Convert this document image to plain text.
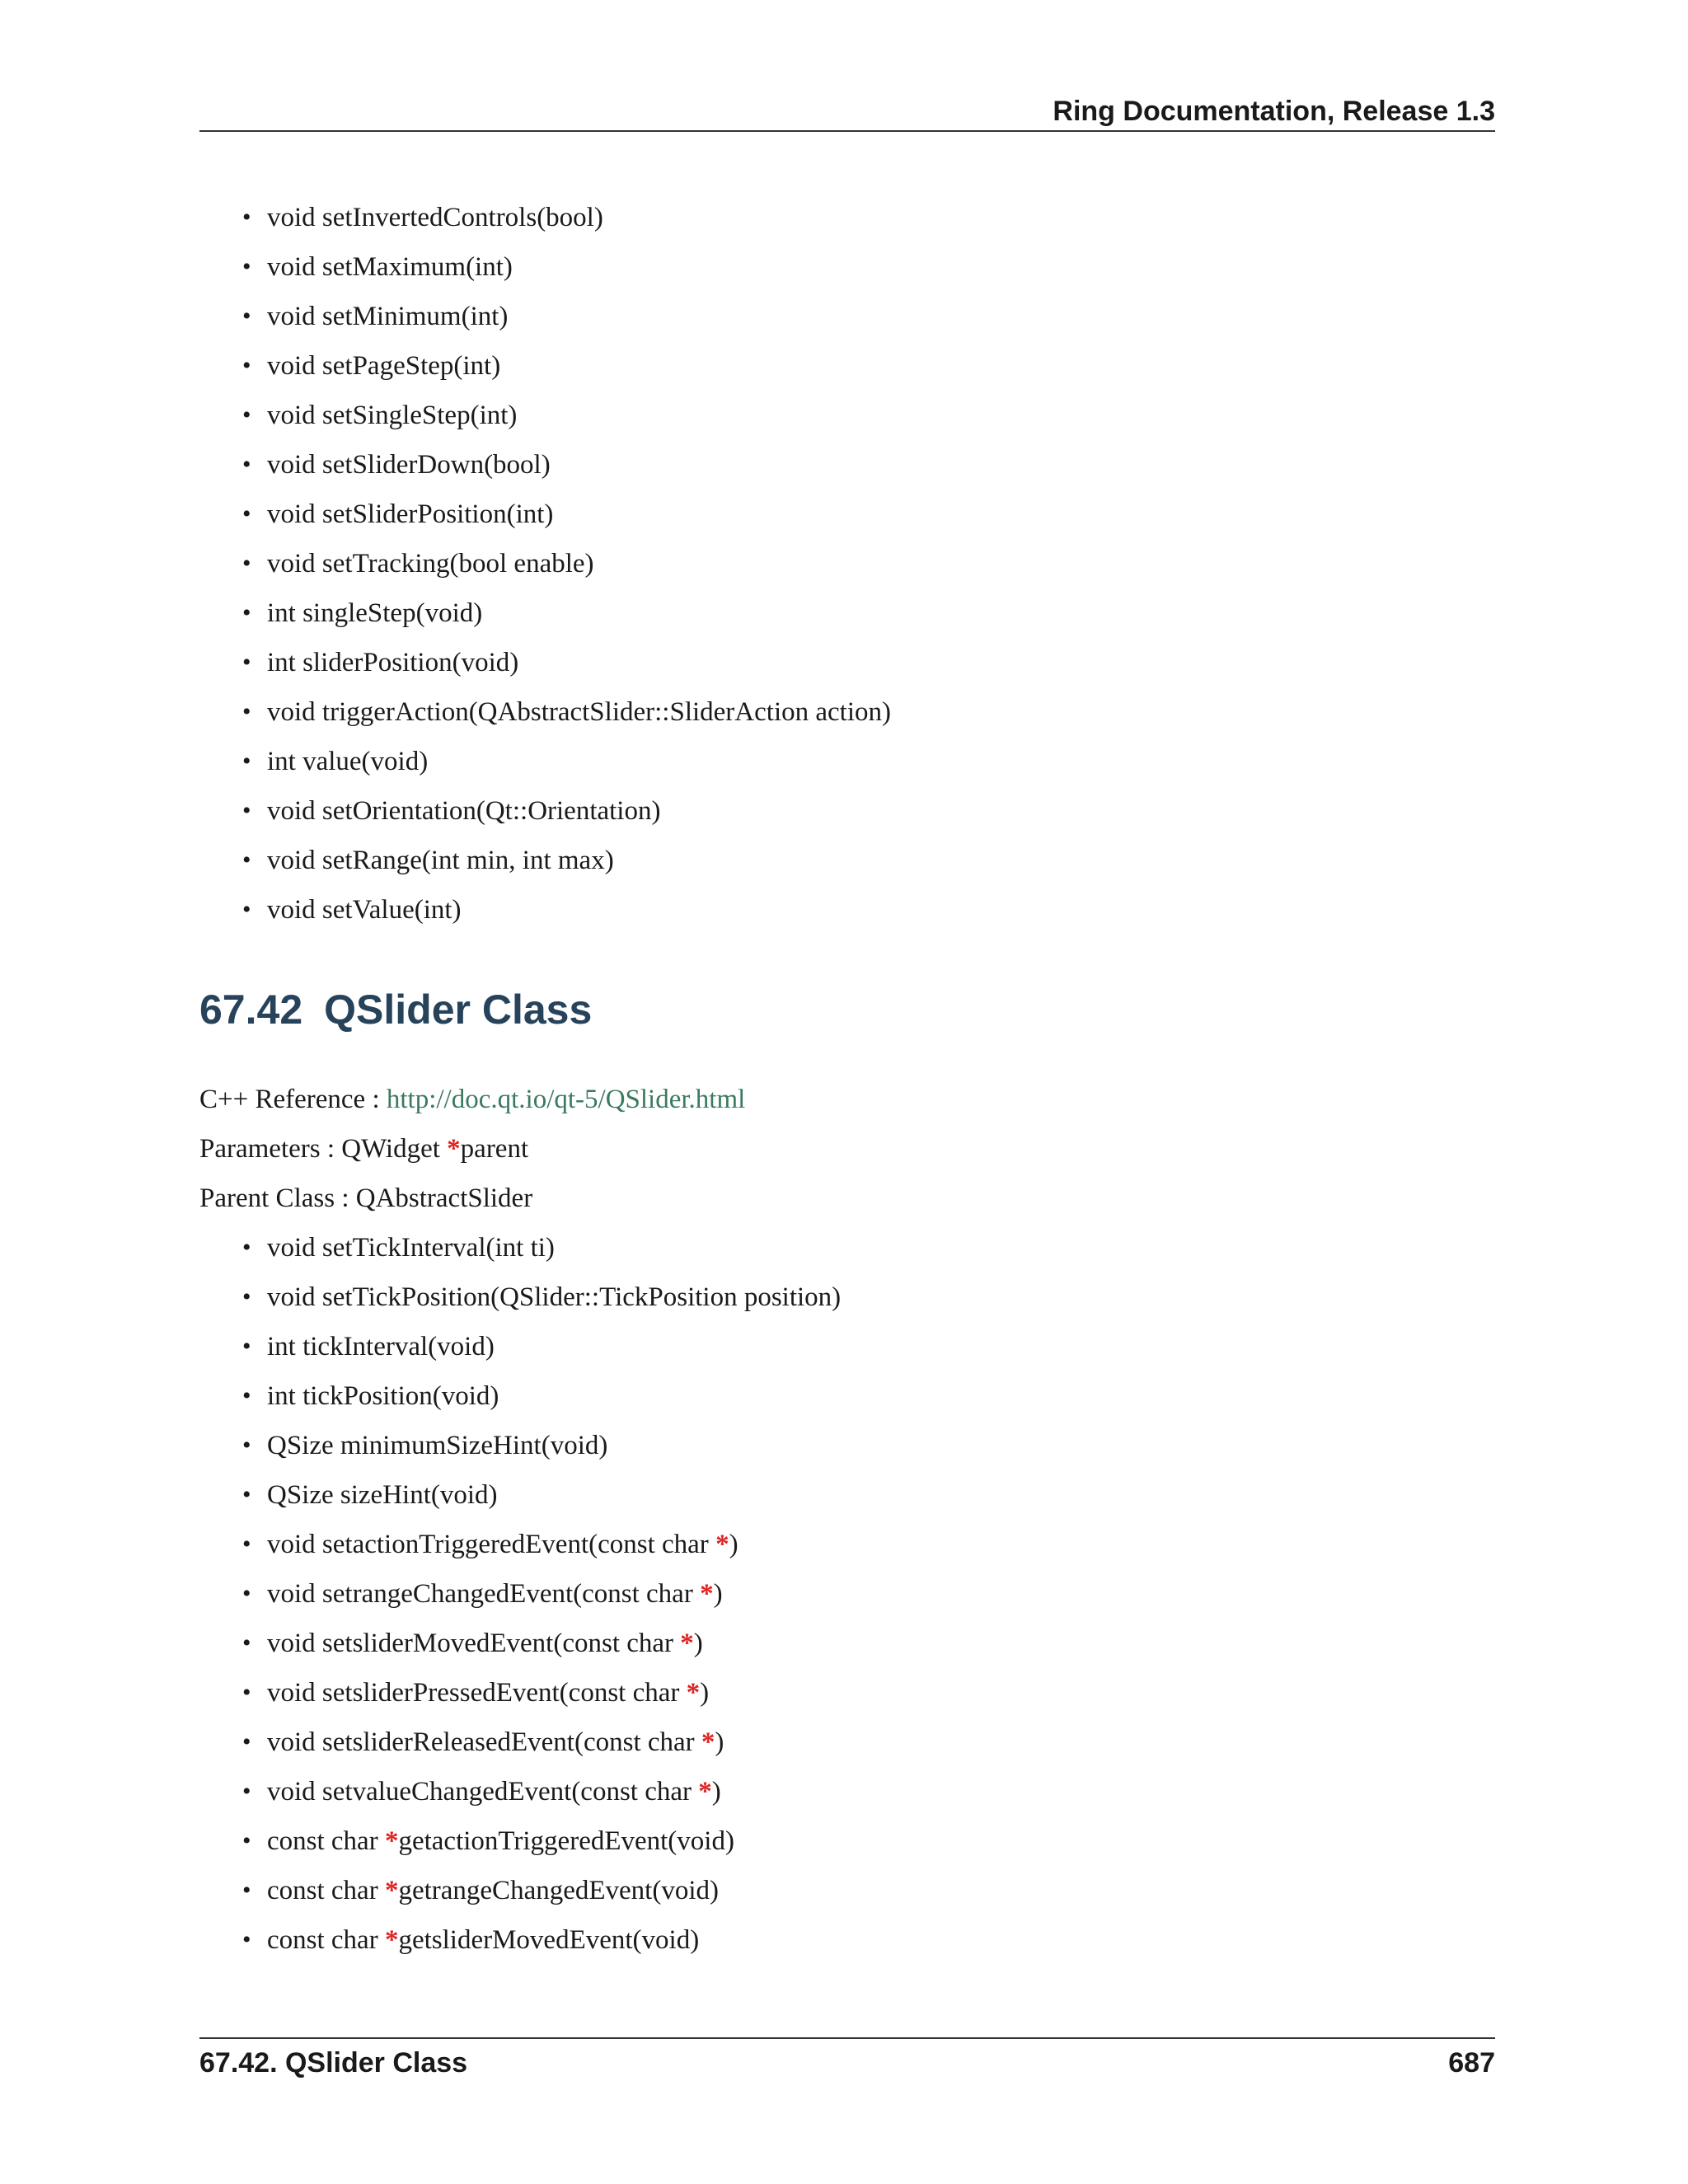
Ring Documentation, Release 1.3
• void setInvertedControls(bool)
• void setMaximum(int)
• void setMinimum(int)
• void setPageStep(int)
• void setSingleStep(int)
• void setSliderDown(bool)
• void setSliderPosition(int)
• void setTracking(bool enable)
• int singleStep(void)
• int sliderPosition(void)
• void triggerAction(QAbstractSlider::SliderAction action)
• int value(void)
• void setOrientation(Qt::Orientation)
• void setRange(int min, int max)
• void setValue(int)
67.42 QSlider Class
C++ Reference : http://doc.qt.io/qt-5/QSlider.html
Parameters : QWidget *parent
Parent Class : QAbstractSlider
• void setTickInterval(int ti)
• void setTickPosition(QSlider::TickPosition position)
• int tickInterval(void)
• int tickPosition(void)
• QSize minimumSizeHint(void)
• QSize sizeHint(void)
• void setactionTriggeredEvent(const char *)
• void setrangeChangedEvent(const char *)
• void setsliderMovedEvent(const char *)
• void setsliderPressedEvent(const char *)
• void setsliderReleasedEvent(const char *)
• void setvalueChangedEvent(const char *)
• const char *getactionTriggeredEvent(void)
• const char *getrangeChangedEvent(void)
• const char *getsliderMovedEvent(void)
67.42. QSlider Class	687
